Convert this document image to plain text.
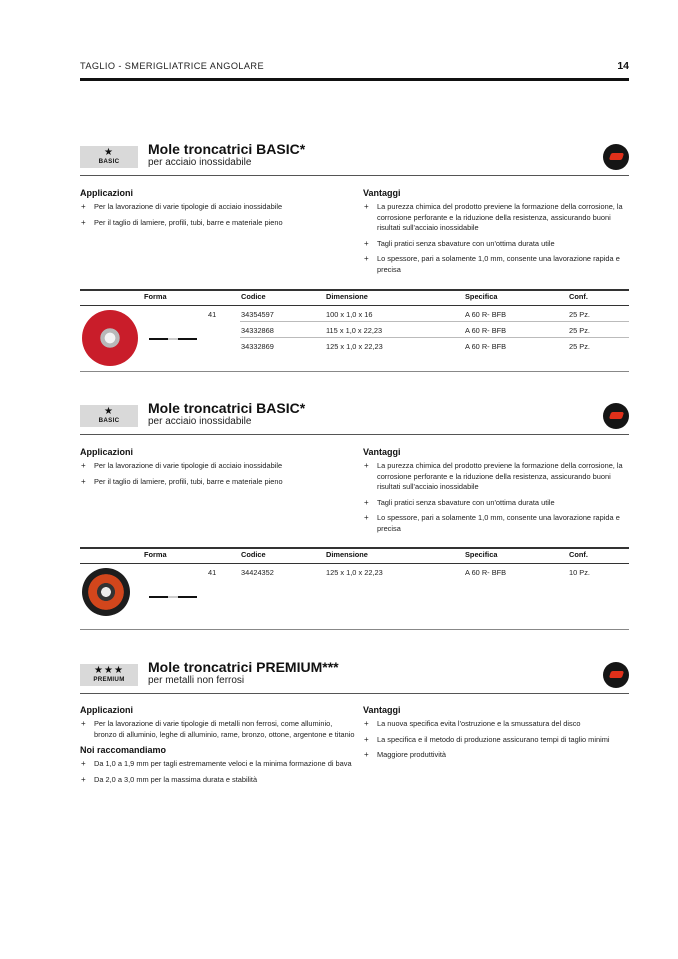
TAGLIO - SMERIGLIATRICE ANGOLARE	14
★
BASIC
Mole troncatrici BASIC*
per acciaio inossidabile
Applicazioni
+ Per la lavorazione di varie tipologie di acciaio inossidabile
+ Per il taglio di lamiere, profili, tubi, barre e materiale pieno
Vantaggi
+ La purezza chimica del prodotto previene la formazione della corrosione, la corrosione perforante e la riduzione della resistenza, assicurando buoni risultati sull'acciaio inossidabile
+ Tagli pratici senza sbavature con un'ottima durata utile
+ Lo spessore, pari a solamente 1,0 mm, consente una lavorazione rapida e precisa
Forma	Codice	Dimensione	Specifica	Conf.
41	34354597	100 x 1,0 x 16	A 60 R- BFB	25 Pz.
34332868	115 x 1,0 x 22,23	A 60 R- BFB	25 Pz.
34332869	125 x 1,0 x 22,23	A 60 R- BFB	25 Pz.
★
BASIC
Mole troncatrici BASIC*
per acciaio inossidabile
Applicazioni
+ Per la lavorazione di varie tipologie di acciaio inossidabile
+ Per il taglio di lamiere, profili, tubi, barre e materiale pieno
Vantaggi
+ La purezza chimica del prodotto previene la formazione della corrosione, la corrosione perforante e la riduzione della resistenza, assicurando buoni risultati sull'acciaio inossidabile
+ Tagli pratici senza sbavature con un'ottima durata utile
+ Lo spessore, pari a solamente 1,0 mm, consente una lavorazione rapida e precisa
Forma	Codice	Dimensione	Specifica	Conf.
41	34424352	125 x 1,0 x 22,23	A 60 R- BFB	10 Pz.
★★★
PREMIUM
Mole troncatrici PREMIUM***
per metalli non ferrosi
Applicazioni
+ Per la lavorazione di varie tipologie di metalli non ferrosi, come alluminio, bronzo di alluminio, leghe di alluminio, rame, bronzo, ottone, argentone e titanio
Noi raccomandiamo
+ Da 1,0 a 1,9 mm per tagli estremamente veloci e la minima formazione di bava
+ Da 2,0 a 3,0 mm per la massima durata e stabilità
Vantaggi
+ La nuova specifica evita l'ostruzione e la smussatura del disco
+ La specifica e il metodo di produzione assicurano tempi di taglio minimi
+ Maggiore produttività
